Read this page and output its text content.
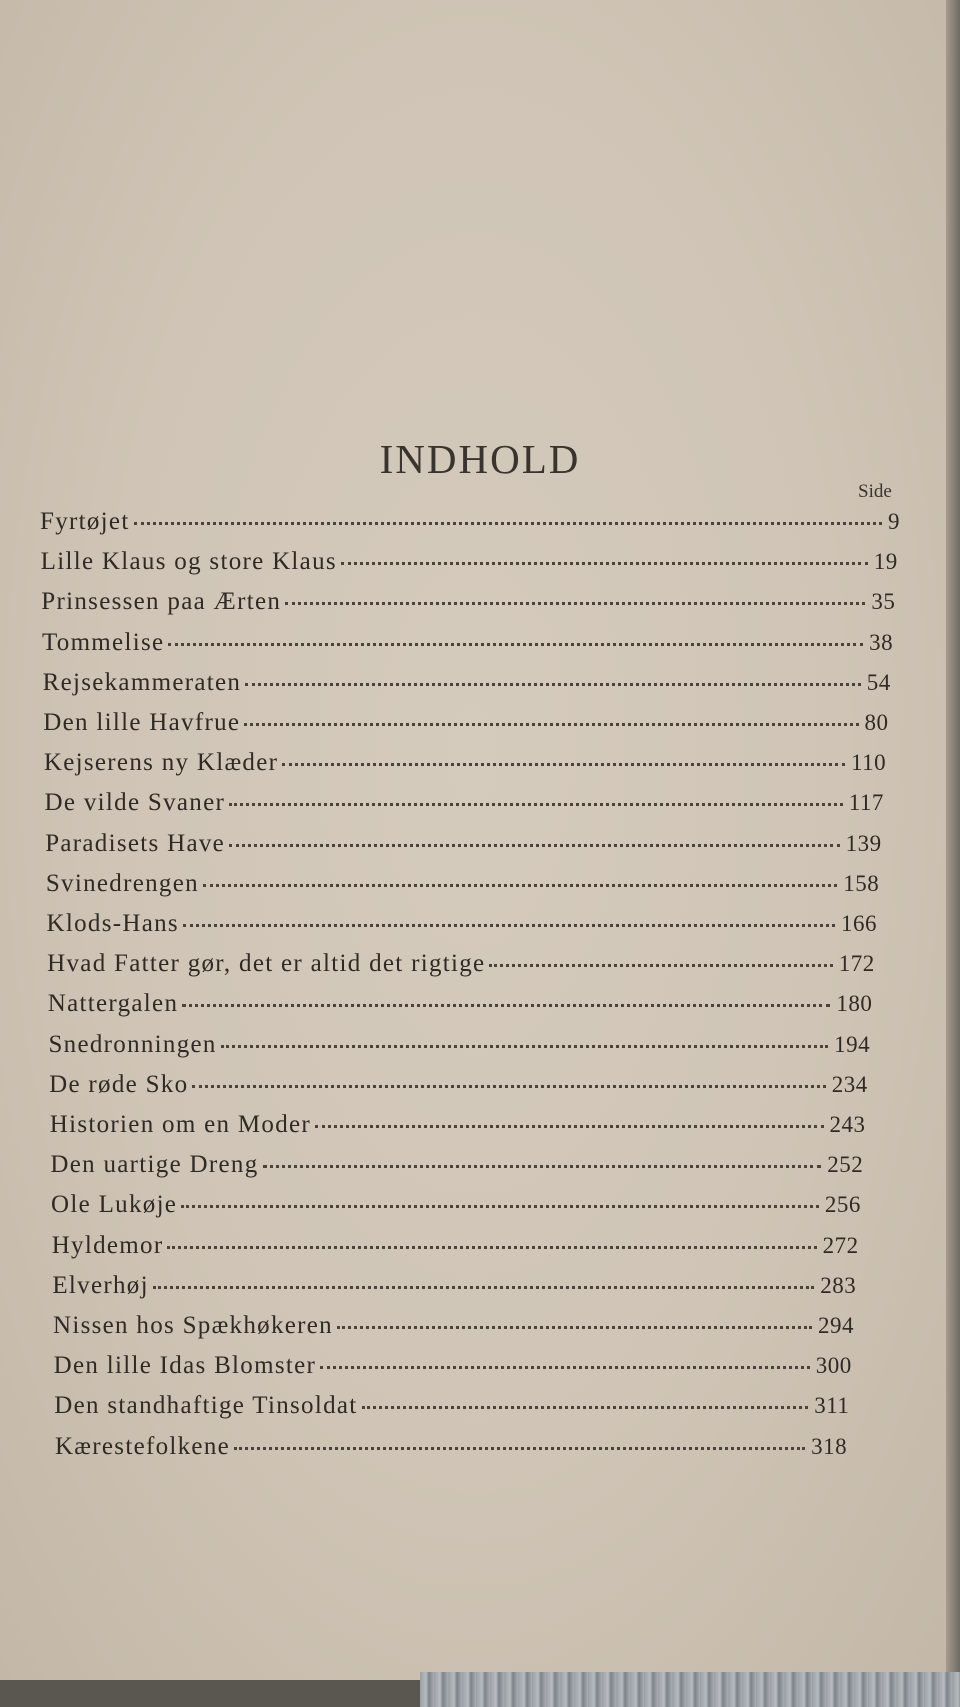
INDHOLD
Side
Fyrtøjet	9
Lille Klaus og store Klaus	19
Prinsessen paa Ærten	35
Tommelise	38
Rejsekammeraten	54
Den lille Havfrue	80
Kejserens ny Klæder	110
De vilde Svaner	117
Paradisets Have	139
Svinedrengen	158
Klods-Hans	166
Hvad Fatter gør, det er altid det rigtige	172
Nattergalen	180
Snedronningen	194
De røde Sko	234
Historien om en Moder	243
Den uartige Dreng	252
Ole Lukøje	256
Hyldemor	272
Elverhøj	283
Nissen hos Spækhøkeren	294
Den lille Idas Blomster	300
Den standhaftige Tinsoldat	311
Kærestefolkene	318
